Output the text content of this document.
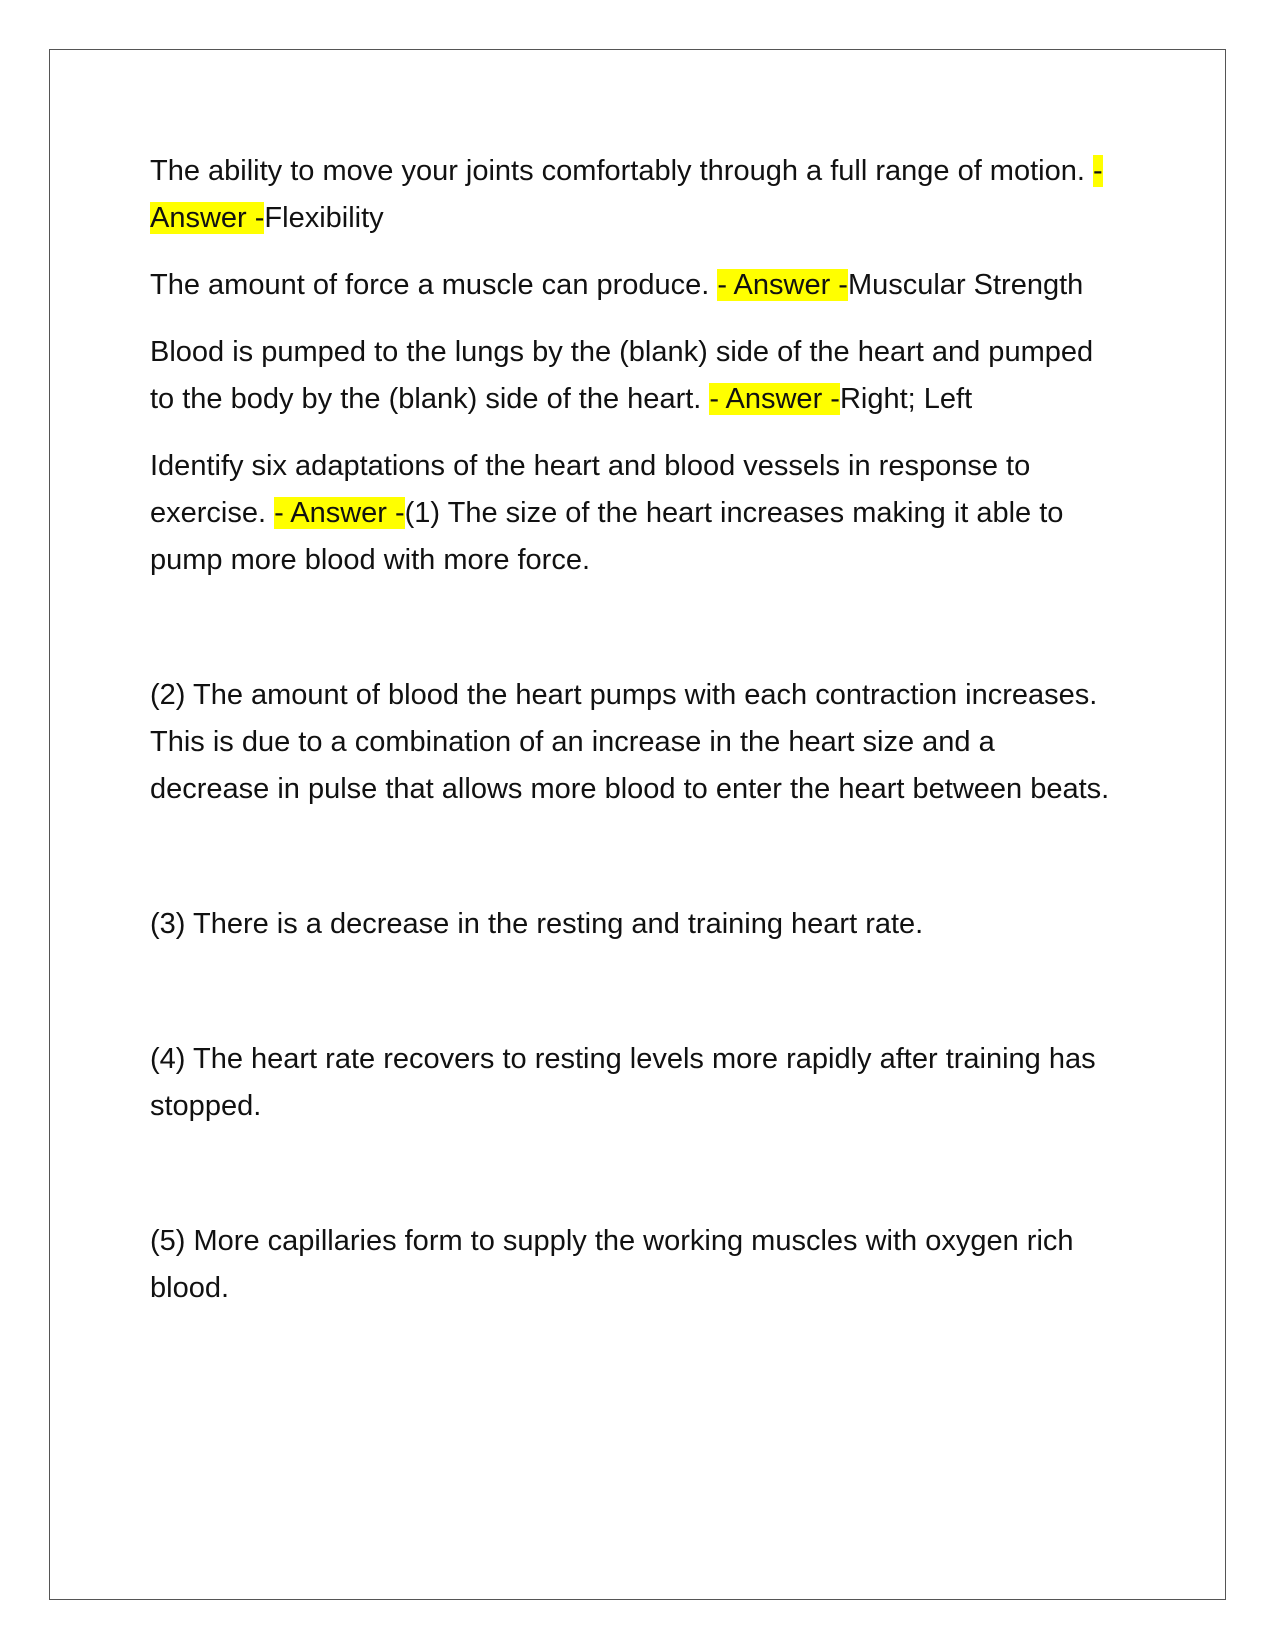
The ability to move your joints comfortably through a full range of motion. - Answer -Flexibility

The amount of force a muscle can produce. - Answer -Muscular Strength

Blood is pumped to the lungs by the (blank) side of the heart and pumped to the body by the (blank) side of the heart. - Answer -Right; Left

Identify six adaptations of the heart and blood vessels in response to exercise. - Answer -(1) The size of the heart increases making it able to pump more blood with more force.

(2) The amount of blood the heart pumps with each contraction increases. This is due to a combination of an increase in the heart size and a decrease in pulse that allows more blood to enter the heart between beats.

(3) There is a decrease in the resting and training heart rate.

(4) The heart rate recovers to resting levels more rapidly after training has stopped.

(5) More capillaries form to supply the working muscles with oxygen rich blood.
